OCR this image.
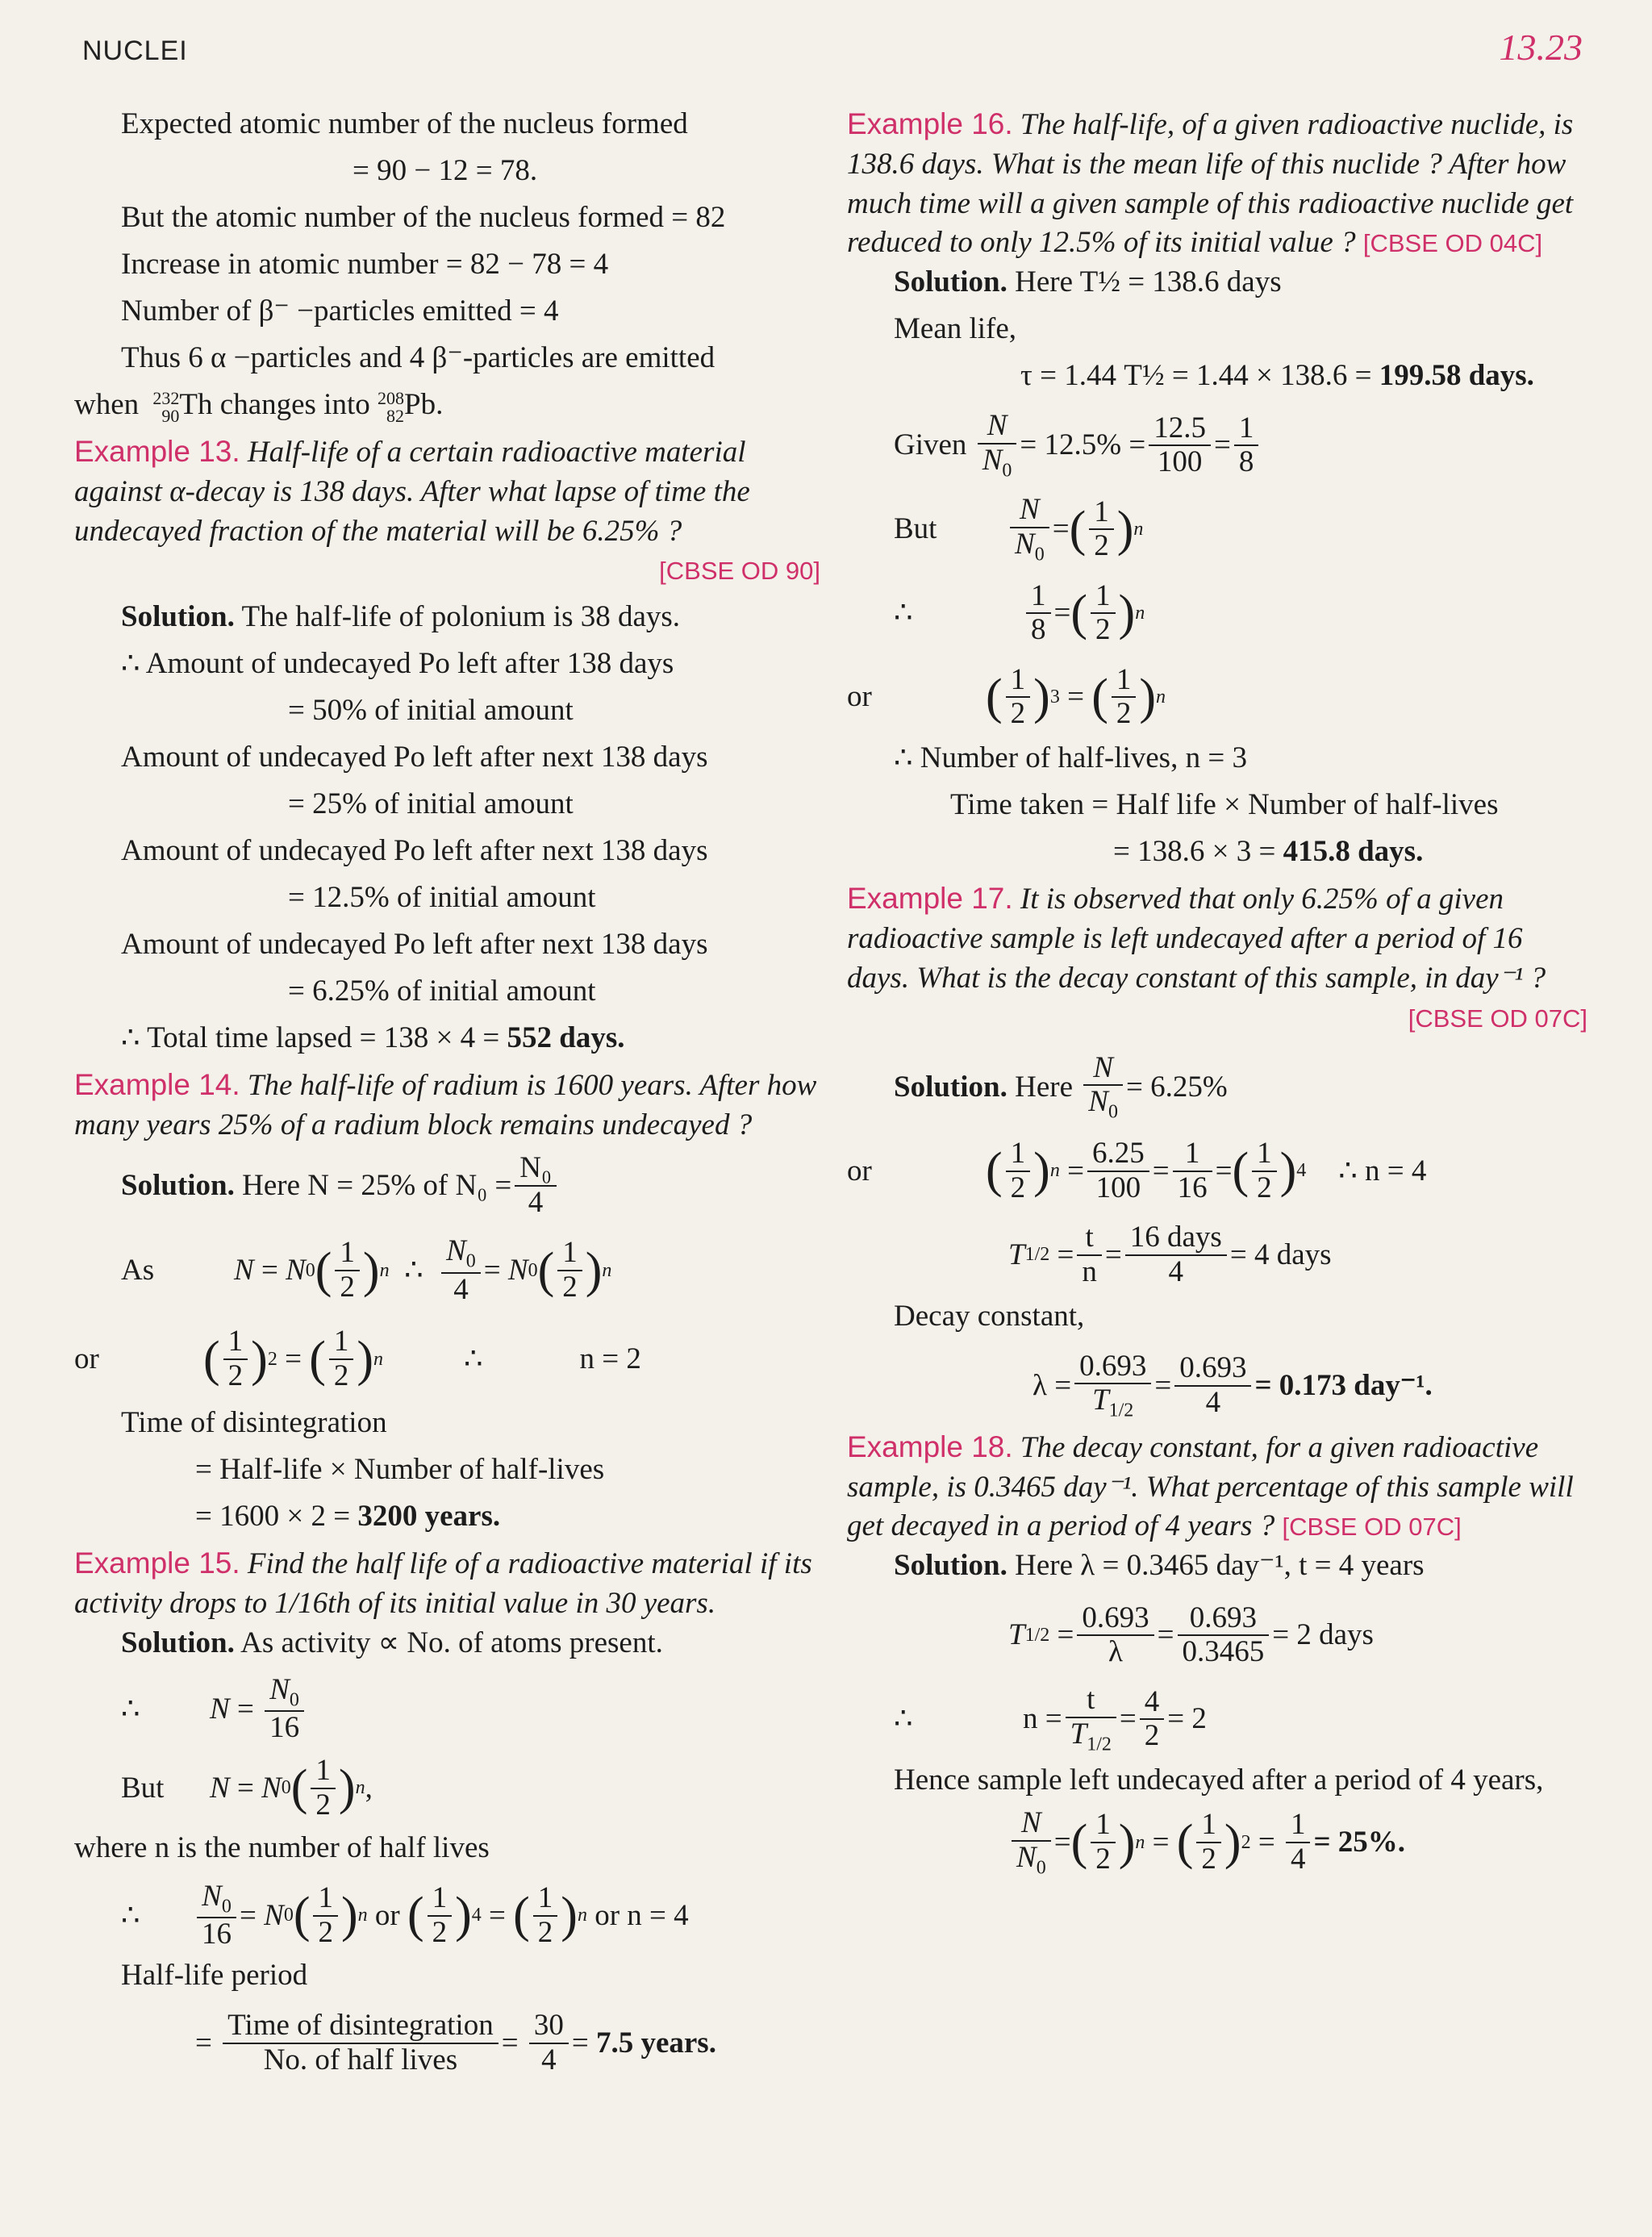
NUCLEI	13.23
Expected atomic number of the nucleus formed
= 90 − 12 = 78.
But the atomic number of the nucleus formed = 82
Increase in atomic number = 82 − 78 = 4
Number of β⁻ −particles emitted = 4
Thus 6 α −particles and 4 β⁻-particles are emitted
when 232
90Th changes into 208
82Pb.
Example 13. Half-life of a certain radioactive material against α-decay is 138 days. After what lapse of time the undecayed fraction of the material will be 6.25% ?
[CBSE OD 90]
Solution. The half-life of polonium is 38 days.
∴ Amount of undecayed Po left after 138 days
= 50% of initial amount
Amount of undecayed Po left after next 138 days
= 25% of initial amount
Amount of undecayed Po left after next 138 days
= 12.5% of initial amount
Amount of undecayed Po left after next 138 days
= 6.25% of initial amount
∴ Total time lapsed = 138 × 4 = 552 days.
Example 14. The half-life of radium is 1600 years. After how many years 25% of a radium block remains undecayed ?
Solution.
Here N = 25% of $N_0 = \frac{\text{N₀}}{4}$
As	N = N 0 ( $\frac{1}{2}$ ) n ∴ $\frac{N_0}{4} = N$ 0 ( $\frac{1}{2}$ ) n
or	( $\frac{1}{2}$ ) 2 = ( $\frac{1}{2}$ ) n	∴	n = 2
Time of disintegration
= Half-life × Number of half-lives
= 1600 × 2 = 3200 years.
Example 15. Find the half life of a radioactive material if its activity drops to 1/16th of its initial value in 30 years.
Solution. As activity ∝ No. of atoms present.
∴	$N = \frac{N_0}{16}$
But	N = N 0 ( $\frac{1}{2}$ ) n ,
where n is the number of half lives
∴	$\frac{N_0}{16} = N$ 0 ( $\frac{1}{2}$ ) n
or
( $\frac{1}{2}$ ) 4 = ( $\frac{1}{2}$ ) n
or n = 4
Half-life period
= $\frac{\text{Time of disintegration}}{\text{No. of half lives}} = \frac{30}{4} = 7.5$ years.
Example 16. The half-life, of a given radioactive nuclide, is 138.6 days. What is the mean life of this nuclide ? After how much time will a given sample of this radioactive nuclide get reduced to only 12.5% of its initial value ? [CBSE OD 04C]
Solution. Here T½ = 138.6 days
Mean life,
τ = 1.44 T½ = 1.44 × 138.6 = 199.58 days.
Given
$\frac{N}{N_0} = 12.5\% = \frac{12.5}{100} = \frac{1}{8}$
But	$\frac{N}{N_0}$ = ( $\frac{1}{2}$ ) n
∴	$\frac{1}{8}$ = ( $\frac{1}{2}$ ) n
or	( $\frac{1}{2}$ ) 3 = ( $\frac{1}{2}$ ) n
∴ Number of half-lives, n = 3
Time taken = Half life × Number of half-lives
= 138.6 × 3 = 415.8 days.
Example 17. It is observed that only 6.25% of a given radioactive sample is left undecayed after a period of 16 days. What is the decay constant of this sample, in day⁻¹ ?
[CBSE OD 07C]
Solution.
Here
$\frac{N}{N_0} = 6.25\%$
or	( $\frac{1}{2}$ ) $n = \frac{6.25}{100} = \frac{1}{16}$ = ( $\frac{1}{2}$ ) 4 ∴ n = 4
T $1/2 = \frac{t}{n} = \frac{\text{16 days}}{4} = 4$ days
Decay constant,
$\lambda = \frac{0.693}{T_{1/2}} = \frac{0.693}{4} = 0.173$ day⁻¹.
Example 18. The decay constant, for a given radioactive sample, is 0.3465 day⁻¹. What percentage of this sample will get decayed in a period of 4 years ? [CBSE OD 07C]
Solution. Here λ = 0.3465 day⁻¹, t = 4 years
T $1/2 = \frac{0.693}{\lambda} = \frac{0.693}{0.3465} = 2$ days
∴	$n = \frac{t}{T_{1/2}} = \frac{4}{2} = 2$
Hence sample left undecayed after a period of 4 years,
$\frac{N}{N_0}$ = ( $\frac{1}{2}$ ) n = ( $\frac{1}{2}$ ) $2 = \frac{1}{4} = 25\%$.
